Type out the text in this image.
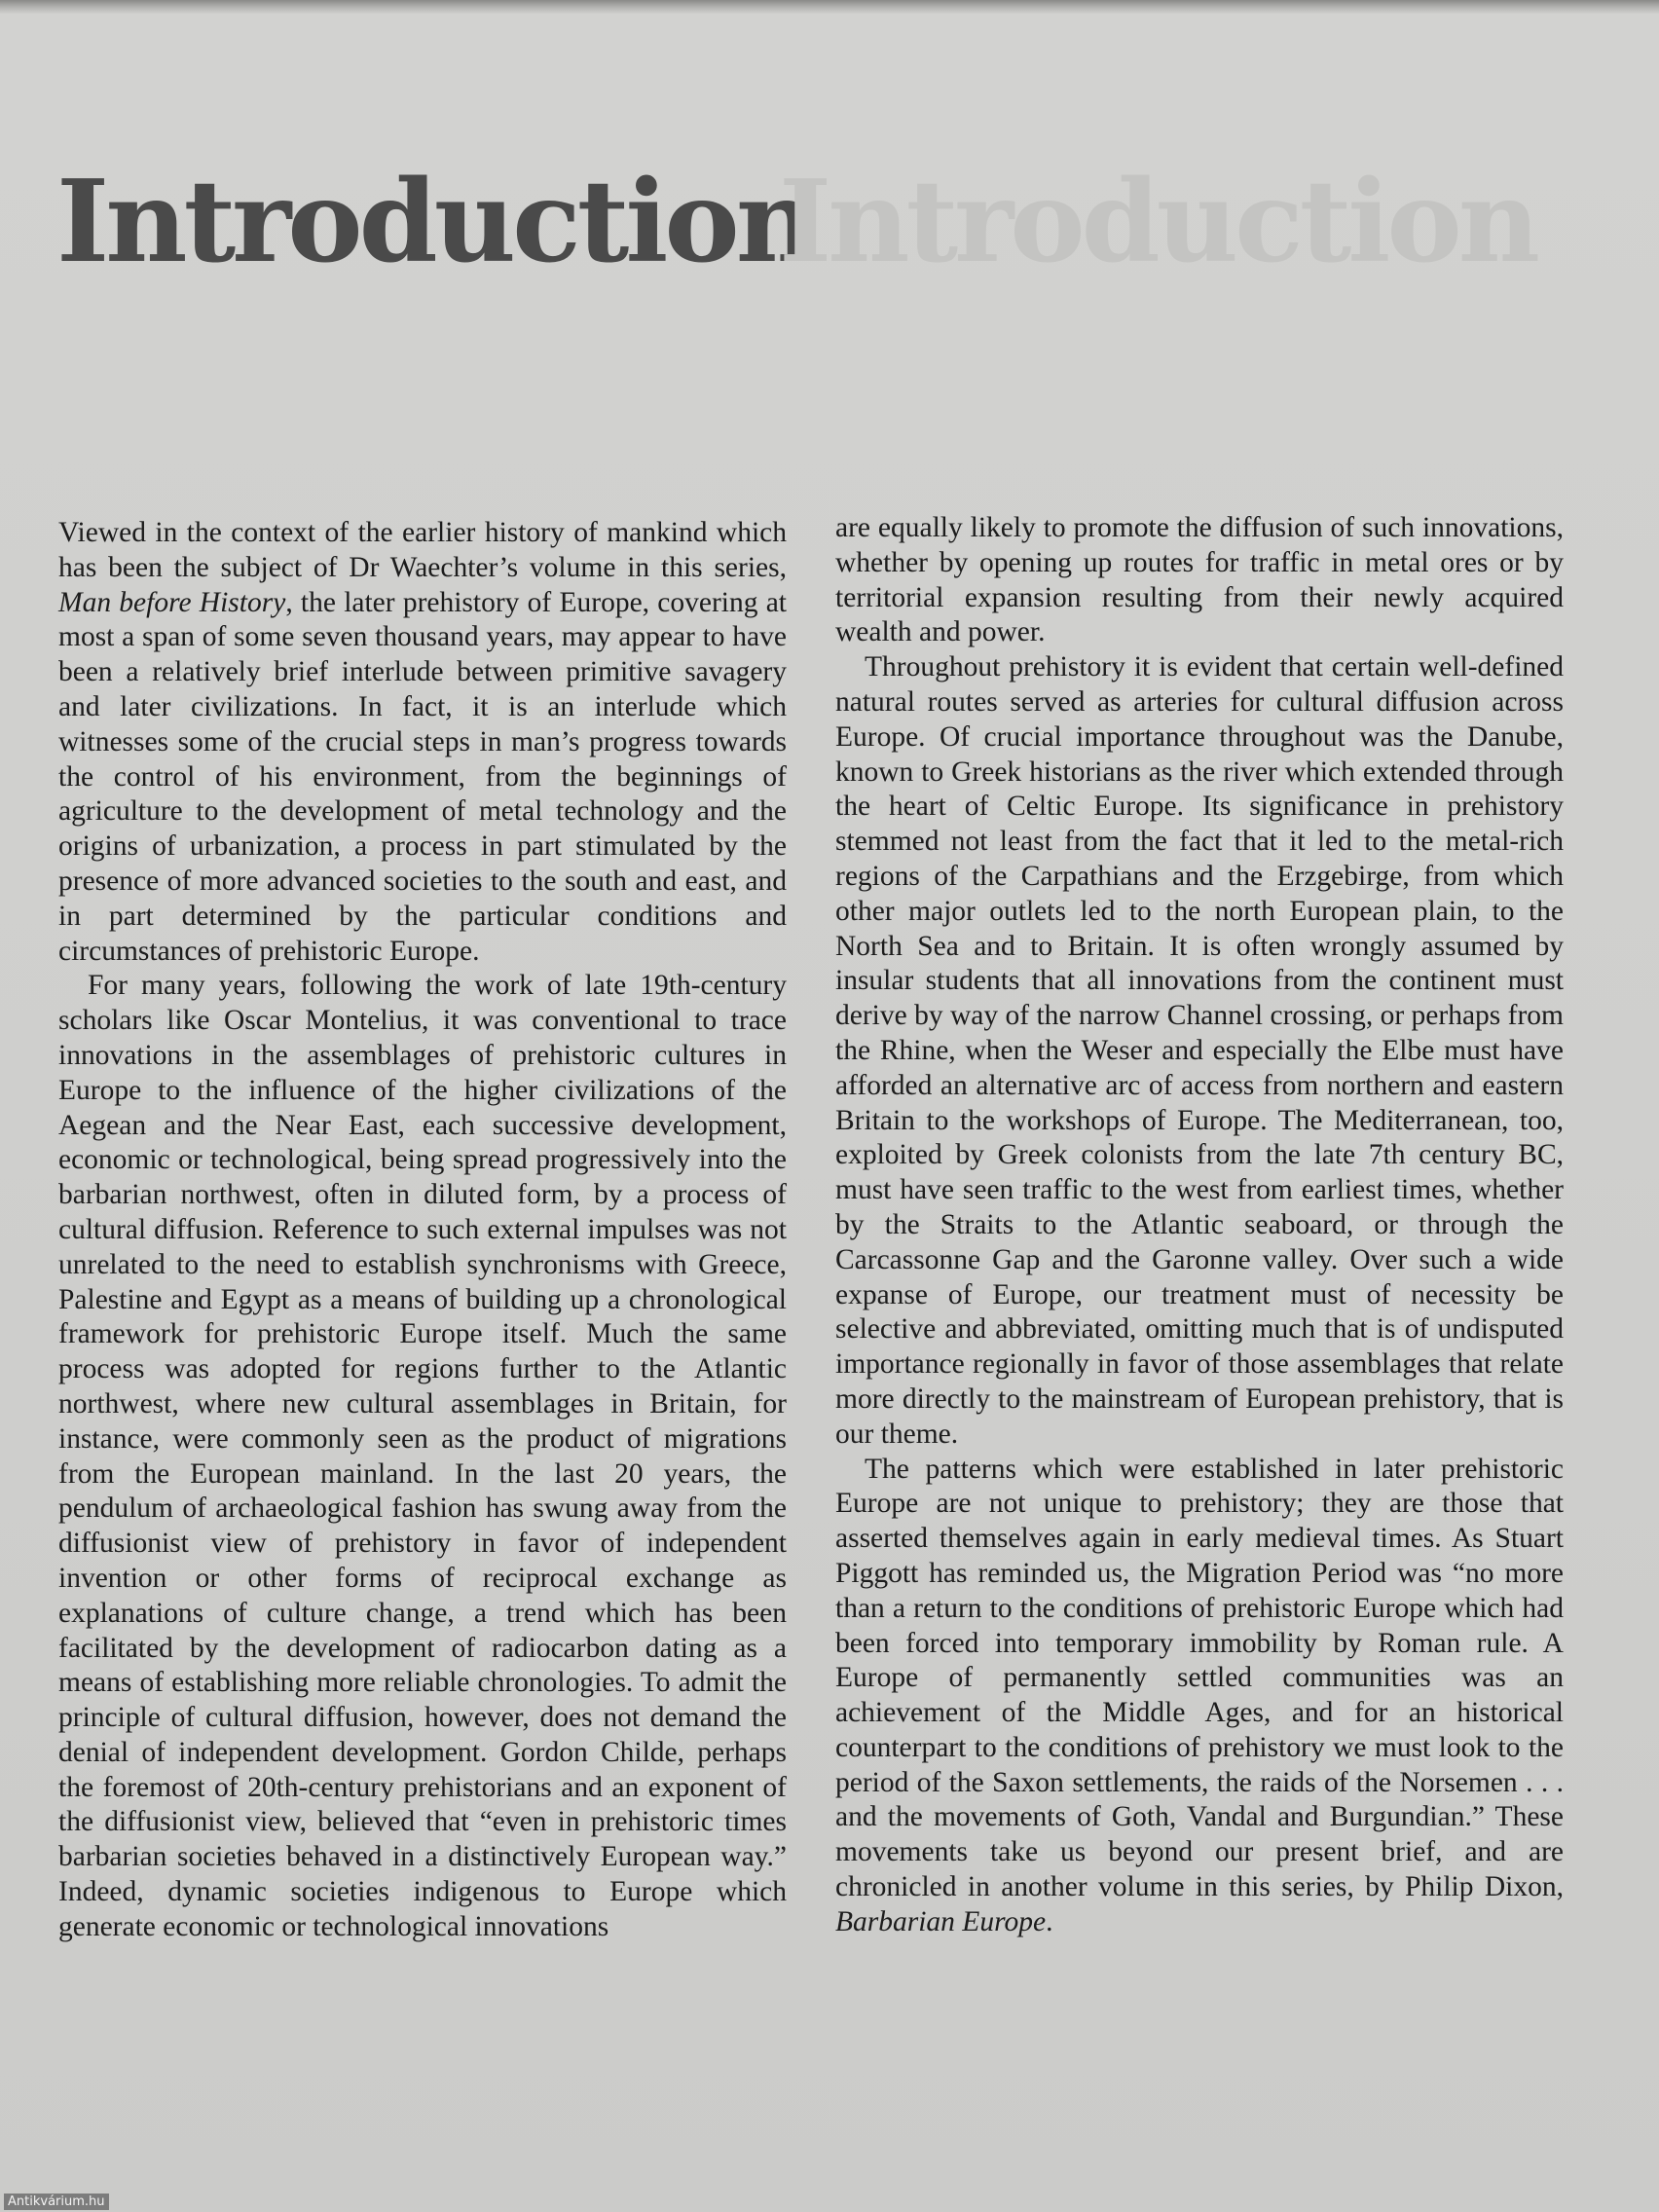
Introduction
Introduction

Viewed in the context of the earlier history of mankind which has been the subject of Dr Waechter’s volume in this series, Man before History, the later prehistory of Europe, covering at most a span of some seven thousand years, may appear to have been a relatively brief interlude between primitive savagery and later civilizations. In fact, it is an interlude which witnesses some of the crucial steps in man’s progress towards the control of his environment, from the beginnings of agriculture to the development of metal technology and the origins of urbanization, a process in part stimulated by the presence of more advanced societies to the south and east, and in part determined by the particular conditions and circumstances of prehistoric Europe.

For many years, following the work of late 19th-century scholars like Oscar Montelius, it was conventional to trace innovations in the assemblages of prehistoric cultures in Europe to the influence of the higher civilizations of the Aegean and the Near East, each successive development, economic or technological, being spread progressively into the barbarian northwest, often in diluted form, by a process of cultural diffusion. Reference to such external impulses was not unrelated to the need to establish synchronisms with Greece, Palestine and Egypt as a means of building up a chronological framework for prehistoric Europe itself. Much the same process was adopted for regions further to the Atlantic northwest, where new cultural assemblages in Britain, for instance, were commonly seen as the product of migrations from the European mainland. In the last 20 years, the pendulum of archaeological fashion has swung away from the diffusionist view of prehistory in favor of independent invention or other forms of reciprocal exchange as explanations of culture change, a trend which has been facilitated by the development of radiocarbon dating as a means of establishing more reliable chronologies. To admit the principle of cultural diffusion, however, does not demand the denial of independent development. Gordon Childe, perhaps the foremost of 20th-century prehistorians and an exponent of the diffusionist view, believed that “even in prehistoric times barbarian societies behaved in a distinctively European way.” Indeed, dynamic societies indigenous to Europe which generate economic or technological innovations

are equally likely to promote the diffusion of such innovations, whether by opening up routes for traffic in metal ores or by territorial expansion resulting from their newly acquired wealth and power.

Throughout prehistory it is evident that certain well-defined natural routes served as arteries for cultural diffusion across Europe. Of crucial importance throughout was the Danube, known to Greek historians as the river which extended through the heart of Celtic Europe. Its significance in prehistory stemmed not least from the fact that it led to the metal-rich regions of the Carpathians and the Erzgebirge, from which other major outlets led to the north European plain, to the North Sea and to Britain. It is often wrongly assumed by insular students that all innovations from the continent must derive by way of the narrow Channel crossing, or perhaps from the Rhine, when the Weser and especially the Elbe must have afforded an alternative arc of access from northern and eastern Britain to the workshops of Europe. The Mediterranean, too, exploited by Greek colonists from the late 7th century BC, must have seen traffic to the west from earliest times, whether by the Straits to the Atlantic seaboard, or through the Carcassonne Gap and the Garonne valley. Over such a wide expanse of Europe, our treatment must of necessity be selective and abbreviated, omitting much that is of undisputed importance regionally in favor of those assemblages that relate more directly to the mainstream of European prehistory, that is our theme.

The patterns which were established in later prehistoric Europe are not unique to prehistory; they are those that asserted themselves again in early medieval times. As Stuart Piggott has reminded us, the Migration Period was “no more than a return to the conditions of prehistoric Europe which had been forced into temporary immobility by Roman rule. A Europe of permanently settled communities was an achievement of the Middle Ages, and for an historical counterpart to the conditions of prehistory we must look to the period of the Saxon settlements, the raids of the Norsemen . . . and the movements of Goth, Vandal and Burgundian.” These movements take us beyond our present brief, and are chronicled in another volume in this series, by Philip Dixon, Barbarian Europe.

Antikvárium.hu
